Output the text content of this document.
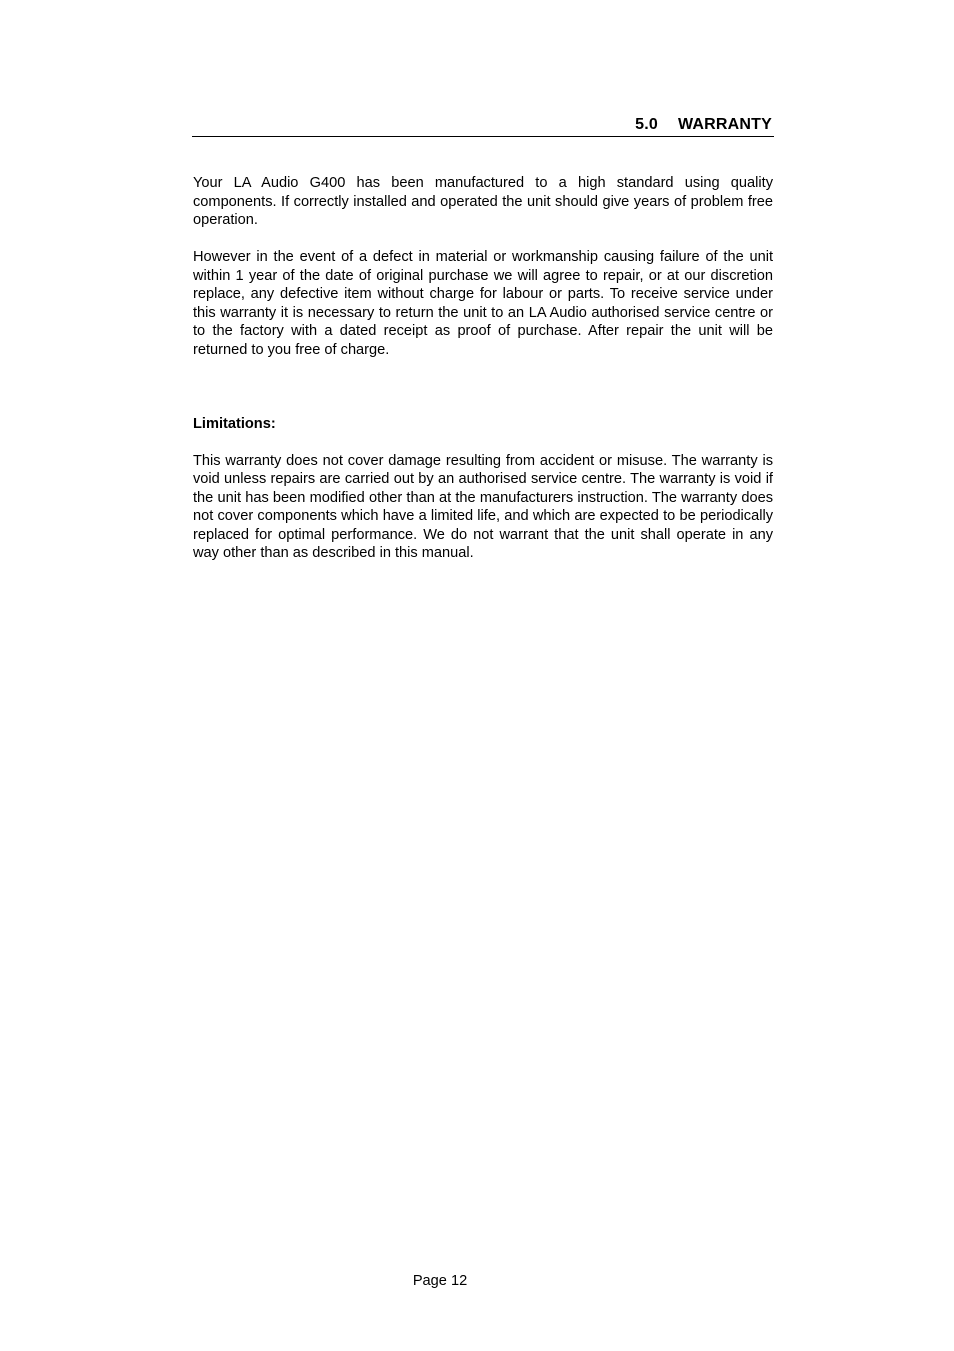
5.0 WARRANTY

Your LA Audio G400 has been manufactured to a high standard using quality components. If correctly installed and operated the unit should give years of problem free operation.

However in the event of a defect in material or workmanship causing failure of the unit within 1 year of the date of original purchase we will agree to repair, or at our discretion replace, any defective item without charge for labour or parts. To receive service under this warranty it is necessary to return the unit to an LA Audio authorised service centre or to the factory with a dated receipt as proof of purchase. After repair the unit will be returned to you free of charge.

Limitations:

This warranty does not cover damage resulting from accident or misuse. The warranty is void unless repairs are carried out by an authorised service centre. The warranty is void if the unit has been modified other than at the manufacturers instruction. The warranty does not cover components which have a limited life, and which are expected to be periodically replaced for optimal performance. We do not warrant that the unit shall operate in any way other than as described in this manual.

Page 12
